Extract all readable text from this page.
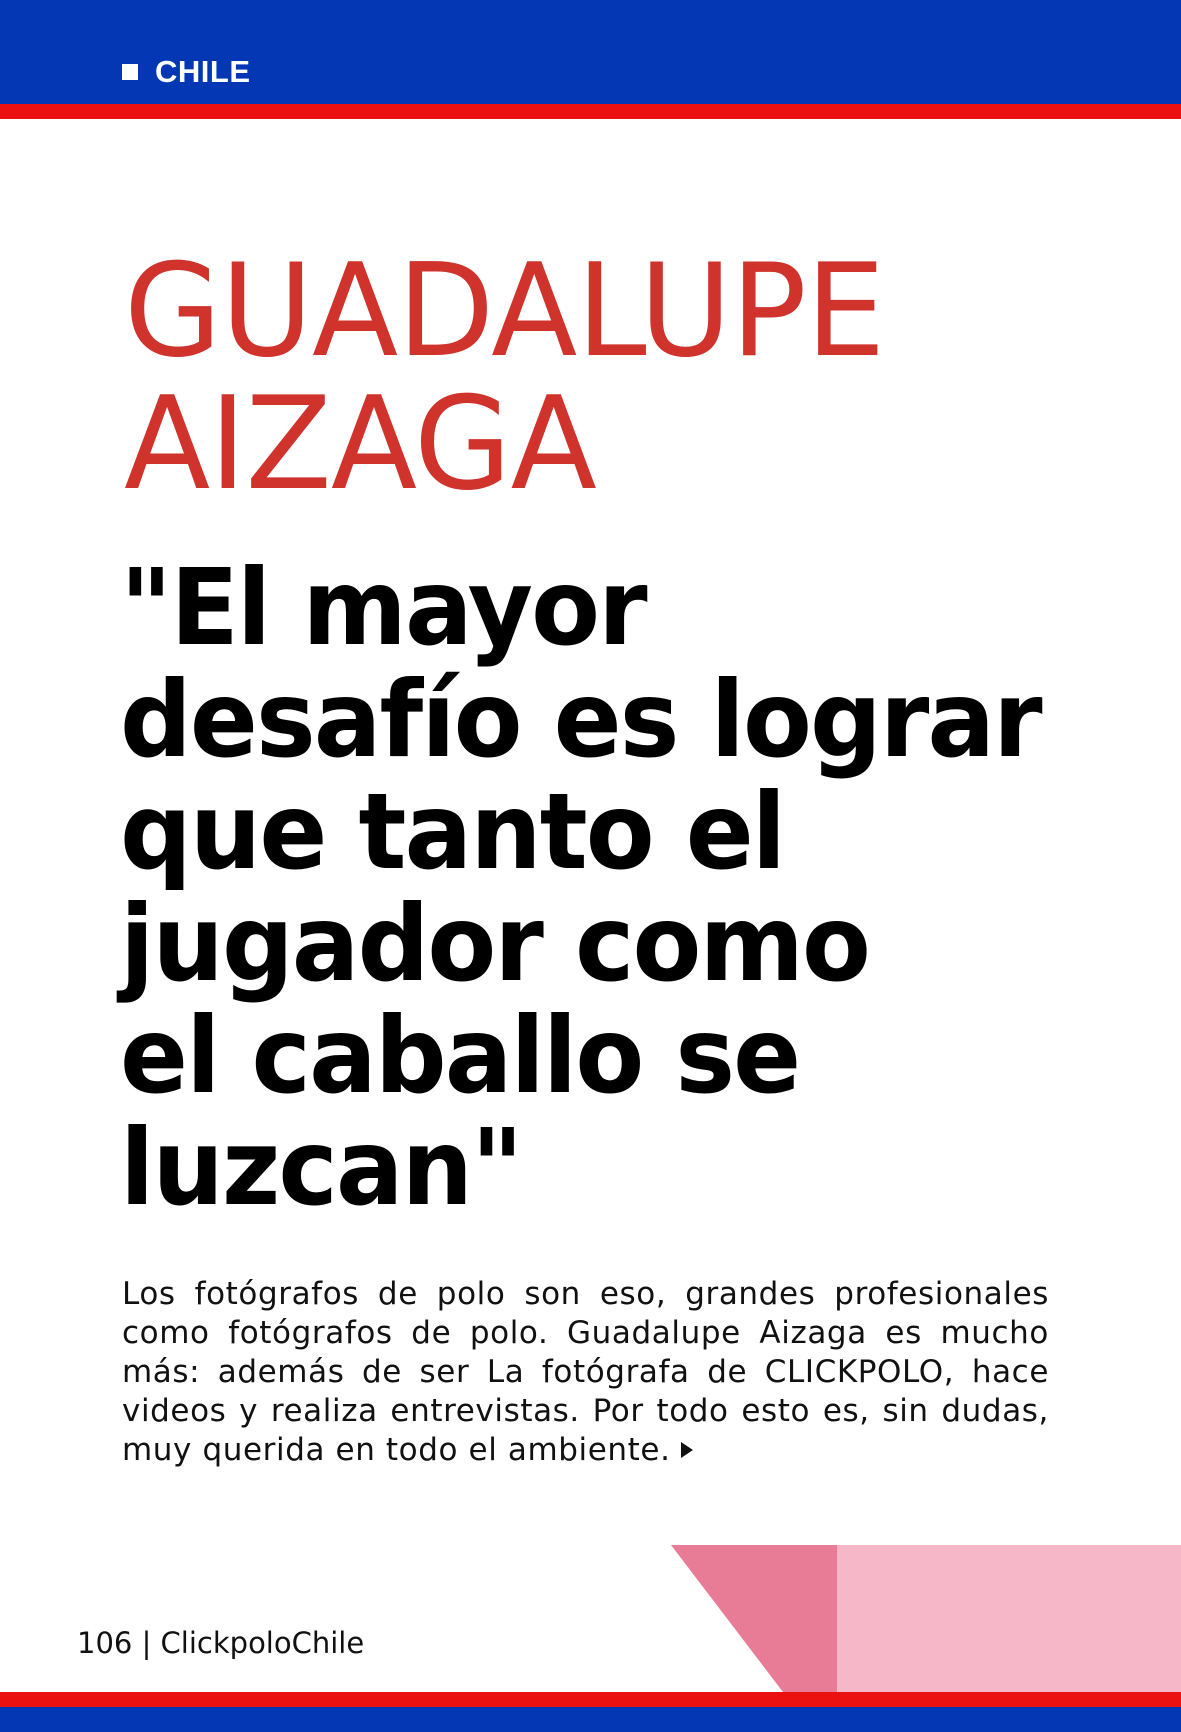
CHILE
GUADALUPE
AIZAGA
"El mayor
desafío es lograr
que tanto el
jugador como
el caballo se
luzcan"

Los fotógrafos de polo son eso, grandes profesionales como fotógrafos de polo. Guadalupe Aizaga es mucho más: además de ser La fotógrafa de CLICKPOLO, hace videos y realiza entrevistas. Por todo esto es, sin dudas, muy querida en todo el ambiente.

106 | ClickpoloChile
